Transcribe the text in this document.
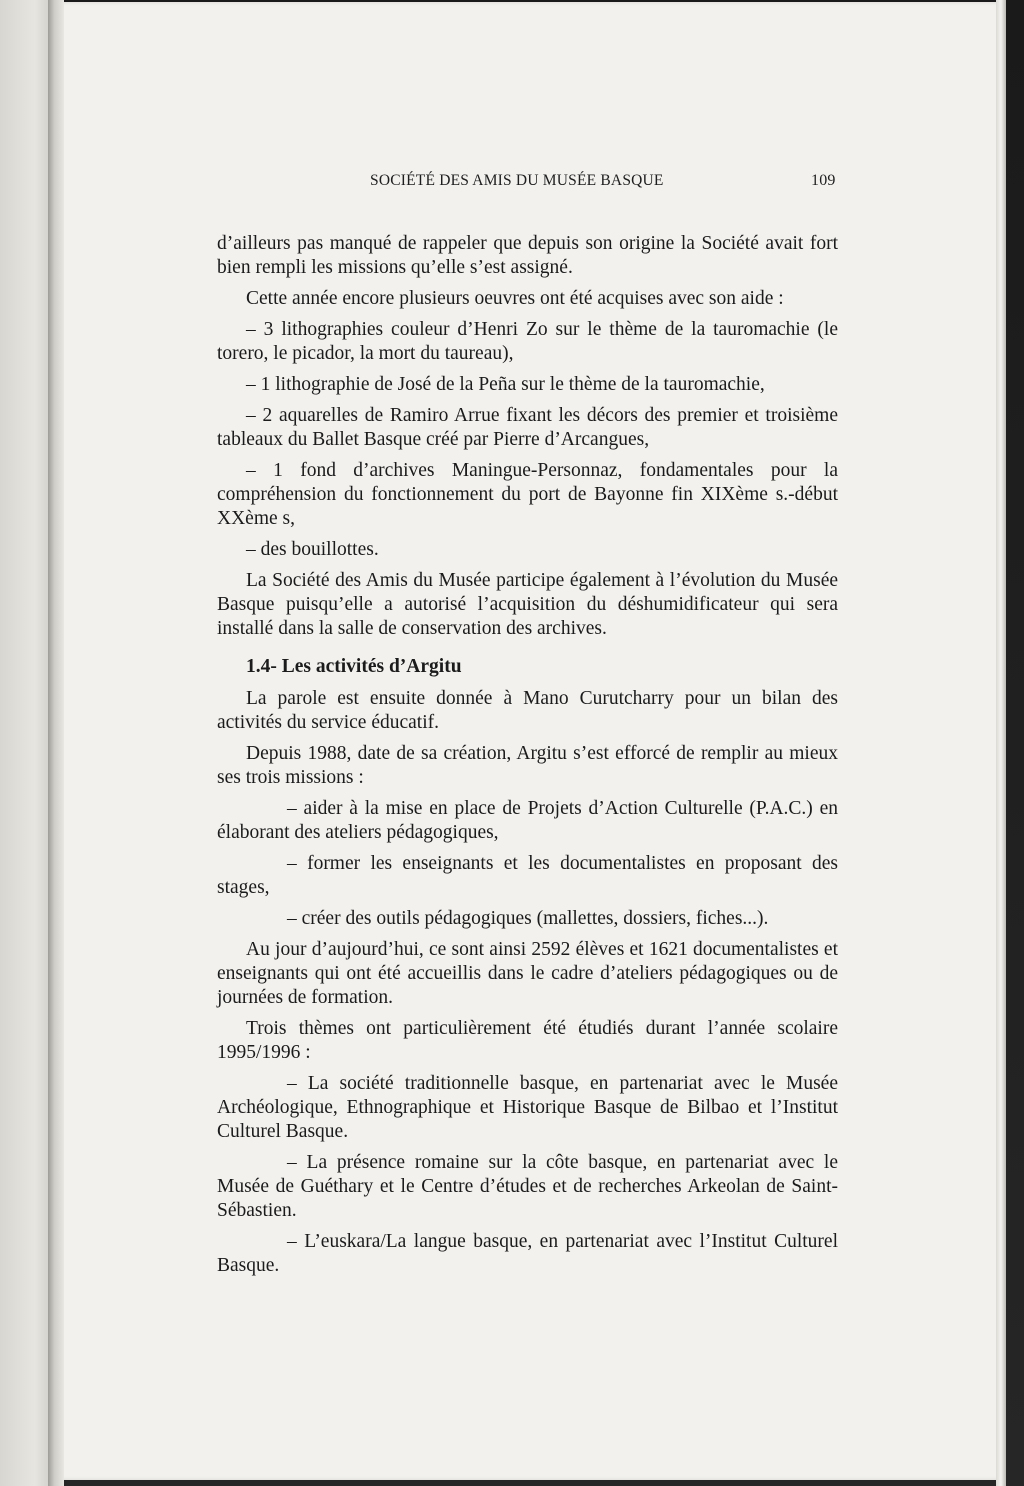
SOCIÉTÉ DES AMIS DU MUSÉE BASQUE	109

d’ailleurs pas manqué de rappeler que depuis son origine la Société avait fort bien rempli les missions qu’elle s’est assigné.

Cette année encore plusieurs oeuvres ont été acquises avec son aide :

– 3 lithographies couleur d’Henri Zo sur le thème de la tauromachie (le torero, le picador, la mort du taureau),

– 1 lithographie de José de la Peña sur le thème de la tauromachie,

– 2 aquarelles de Ramiro Arrue fixant les décors des premier et troisième tableaux du Ballet Basque créé par Pierre d’Arcangues,

– 1 fond d’archives Maningue-Personnaz, fondamentales pour la compréhension du fonctionnement du port de Bayonne fin XIXème s.-début XXème s,

– des bouillottes.

La Société des Amis du Musée participe également à l’évolution du Musée Basque puisqu’elle a autorisé l’acquisition du déshumidificateur qui sera installé dans la salle de conservation des archives.

1.4- Les activités d’Argitu

La parole est ensuite donnée à Mano Curutcharry pour un bilan des activités du service éducatif.

Depuis 1988, date de sa création, Argitu s’est efforcé de remplir au mieux ses trois missions :

– aider à la mise en place de Projets d’Action Culturelle (P.A.C.) en élaborant des ateliers pédagogiques,

– former les enseignants et les documentalistes en proposant des stages,

– créer des outils pédagogiques (mallettes, dossiers, fiches...).

Au jour d’aujourd’hui, ce sont ainsi 2592 élèves et 1621 documentalistes et enseignants qui ont été accueillis dans le cadre d’ateliers pédagogiques ou de journées de formation.

Trois thèmes ont particulièrement été étudiés durant l’année scolaire 1995/1996 :

– La société traditionnelle basque, en partenariat avec le Musée Archéologique, Ethnographique et Historique Basque de Bilbao et l’Institut Culturel Basque.

– La présence romaine sur la côte basque, en partenariat avec le Musée de Guéthary et le Centre d’études et de recherches Arkeolan de Saint-Sébastien.

– L’euskara/La langue basque, en partenariat avec l’Institut Culturel Basque.
